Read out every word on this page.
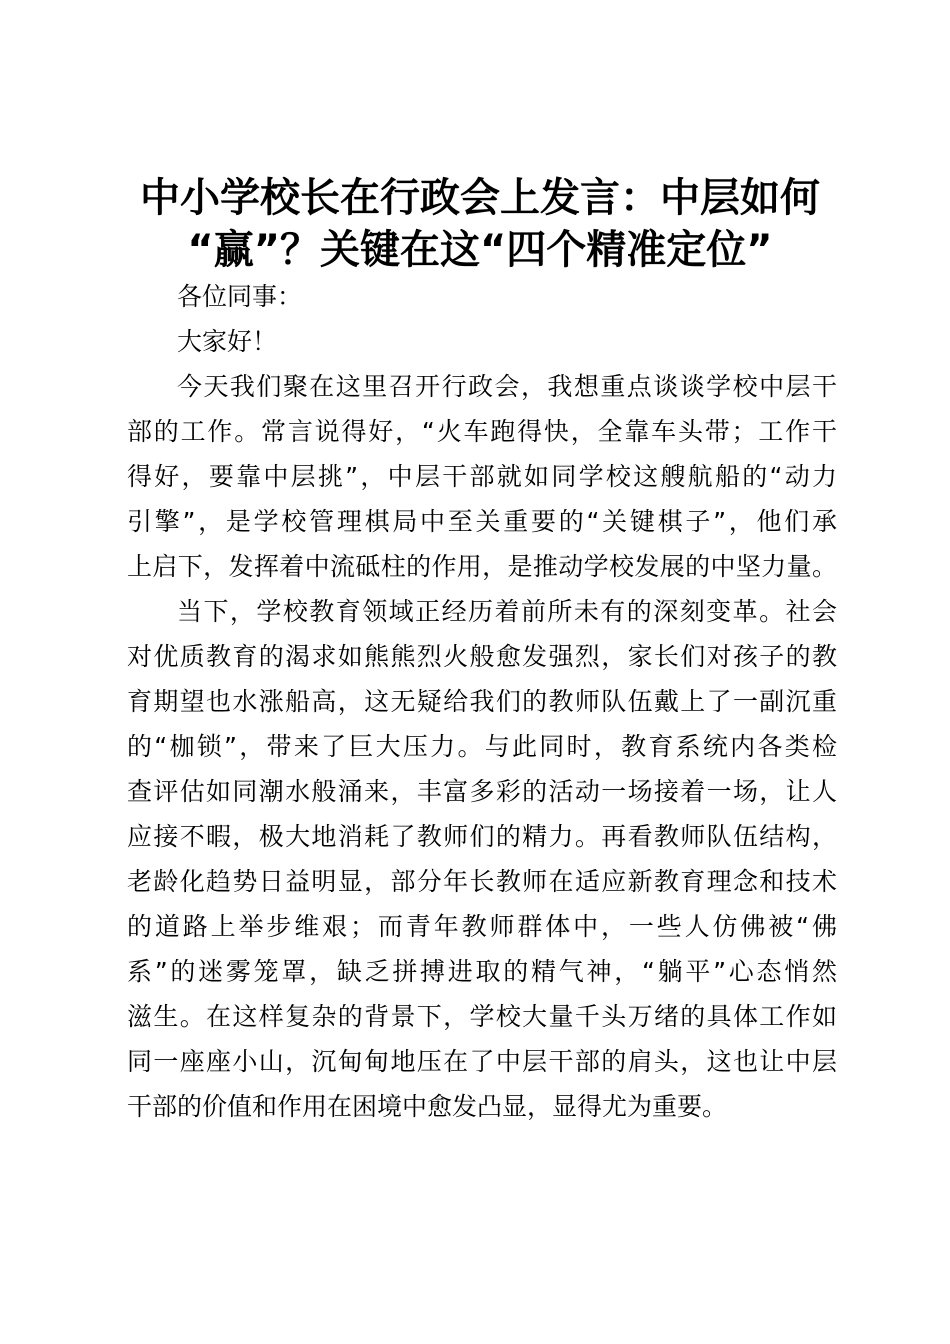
中小学校长在行政会上发言：中层如何
“赢”？关键在这“四个精准定位”

各位同事：

大家好！

今天我们聚在这里召开行政会，我想重点谈谈学校中层干

部的工作。常言说得好，“火车跑得快，全靠车头带；工作干

得好，要靠中层挑”，中层干部就如同学校这艘航船的“动力

引擎”，是学校管理棋局中至关重要的“关键棋子”，他们承

上启下，发挥着中流砥柱的作用，是推动学校发展的中坚力量。

当下，学校教育领域正经历着前所未有的深刻变革。社会

对优质教育的渴求如熊熊烈火般愈发强烈，家长们对孩子的教

育期望也水涨船高，这无疑给我们的教师队伍戴上了一副沉重

的“枷锁”，带来了巨大压力。与此同时，教育系统内各类检

查评估如同潮水般涌来，丰富多彩的活动一场接着一场，让人

应接不暇，极大地消耗了教师们的精力。再看教师队伍结构，

老龄化趋势日益明显，部分年长教师在适应新教育理念和技术

的道路上举步维艰；而青年教师群体中，一些人仿佛被“佛

系”的迷雾笼罩，缺乏拼搏进取的精气神，“躺平”心态悄然

滋生。在这样复杂的背景下，学校大量千头万绪的具体工作如

同一座座小山，沉甸甸地压在了中层干部的肩头，这也让中层

干部的价值和作用在困境中愈发凸显，显得尤为重要。
